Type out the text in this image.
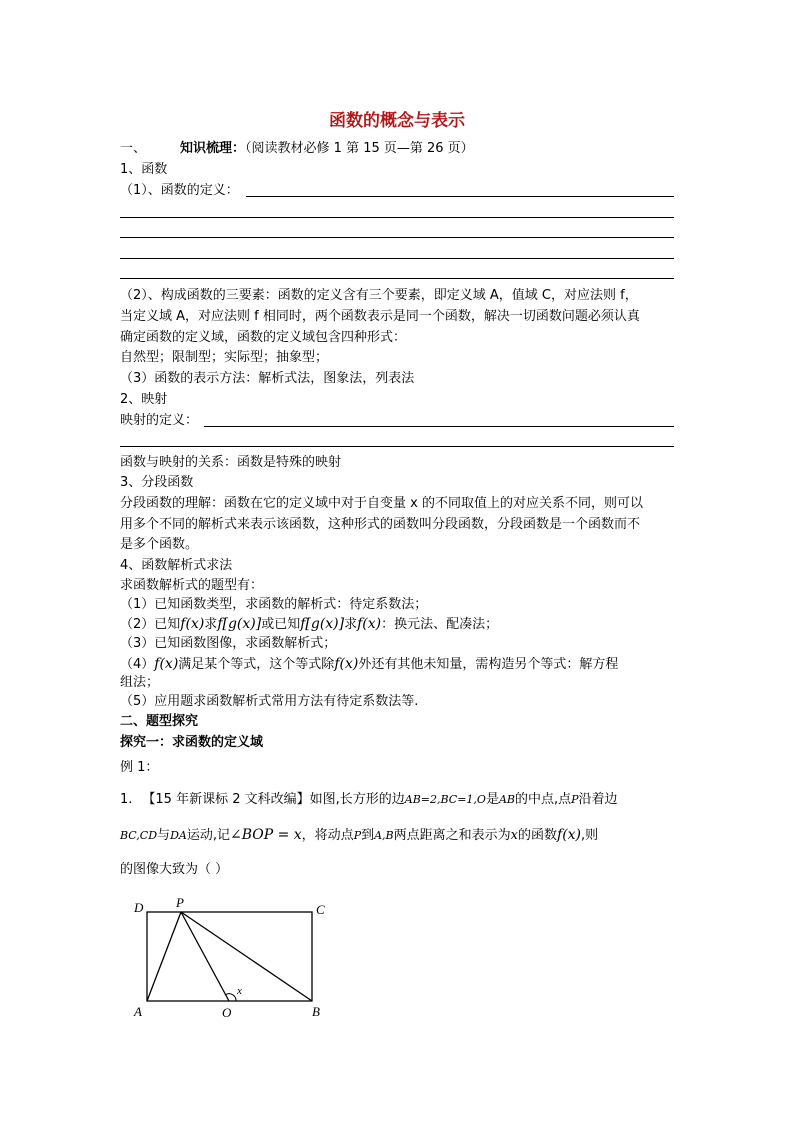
函数的概念与表示
一、	知识梳理：（阅读教材必修 1 第 15 页—第 26 页）
1、函数
（1）、函数的定义：
（2）、构成函数的三要素：函数的定义含有三个要素，即定义域 A，值域 C，对应法则 f，
当定义域 A，对应法则 f 相同时，两个函数表示是同一个函数，解决一切函数问题必须认真
确定函数的定义域，函数的定义域包含四种形式：
自然型；限制型；实际型；抽象型；
（3）函数的表示方法：解析式法，图象法，列表法
2、映射
映射的定义：
函数与映射的关系：函数是特殊的映射
3、分段函数
分段函数的理解：函数在它的定义域中对于自变量 x 的不同取值上的对应关系不同，则可以
用多个不同的解析式来表示该函数，这种形式的函数叫分段函数，分段函数是一个函数而不
是多个函数。
4、函数解析式求法
求函数解析式的题型有：
（1）已知函数类型，求函数的解析式：待定系数法；
（2）已知f(x)求f[g(x)]或已知f[g(x)]求f(x)：换元法、配凑法；
（3）已知函数图像，求函数解析式；
（4）f(x)满足某个等式，这个等式除f(x)外还有其他未知量，需构造另个等式：解方程
组法；
（5）应用题求函数解析式常用方法有待定系数法等.
二、题型探究
探究一：求函数的定义域
例 1：
1. 【15 年新课标 2 文科改编】如图,长方形的边AB=2,BC=1,O是AB的中点,点P沿着边
BC,CD与DA运动,记∠BOP = x，将动点P到A,B两点距离之和表示为x的函数f(x),则
的图像大致为（ ）
D	P	C
A	O	B
x
